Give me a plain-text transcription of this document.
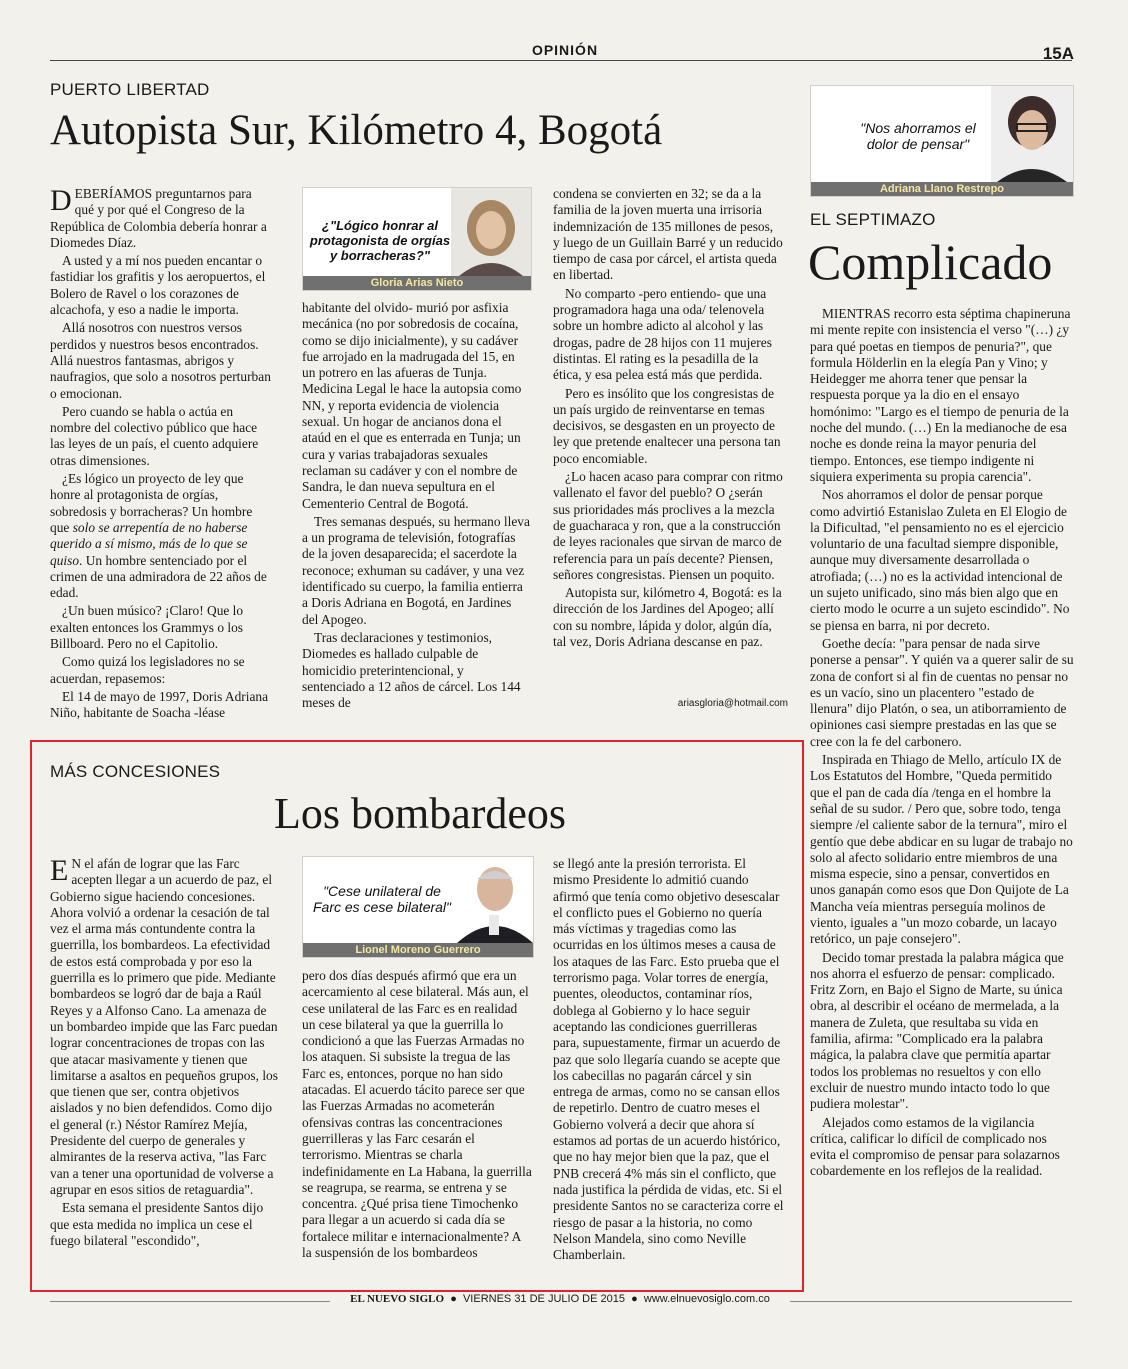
OPINIÓN	15A
PUERTO LIBERTAD
Autopista Sur, Kilómetro 4, Bogotá
¿"Lógico honrar al protagonista de orgías y borracheras?"
Gloria Arias Nieto

DEBERÍAMOS preguntarnos para qué y por qué el Congreso de la República de Colombia debería honrar a Diomedes Díaz.

A usted y a mí nos pueden encantar o fastidiar los grafitis y los aeropuertos, el Bolero de Ravel o los corazones de alcachofa, y eso a nadie le importa.

Allá nosotros con nuestros versos perdidos y nuestros besos encontrados. Allá nuestros fantasmas, abrigos y naufragios, que solo a nosotros perturban o emocionan.

Pero cuando se habla o actúa en nombre del colectivo público que hace las leyes de un país, el cuento adquiere otras dimensiones.

¿Es lógico un proyecto de ley que honre al protagonista de orgías, sobredosis y borracheras? Un hombre que solo se arrepentía de no haberse querido a sí mismo, más de lo que se quiso. Un hombre sentenciado por el crimen de una admiradora de 22 años de edad.

¿Un buen músico? ¡Claro! Que lo exalten entonces los Grammys o los Billboard. Pero no el Capitolio.

Como quizá los legisladores no se acuerdan, repasemos:

El 14 de mayo de 1997, Doris Adriana Niño, habitante de Soacha -léase

habitante del olvido- murió por asfixia mecánica (no por sobredosis de cocaína, como se dijo inicialmente), y su cadáver fue arrojado en la madrugada del 15, en un potrero en las afueras de Tunja. Medicina Legal le hace la autopsia como NN, y reporta evidencia de violencia sexual. Un hogar de ancianos dona el ataúd en el que es enterrada en Tunja; un cura y varias trabajadoras sexuales reclaman su cadáver y con el nombre de Sandra, le dan nueva sepultura en el Cementerio Central de Bogotá.

Tres semanas después, su hermano lleva a un programa de televisión, fotografías de la joven desaparecida; el sacerdote la reconoce; exhuman su cadáver, y una vez identificado su cuerpo, la familia entierra a Doris Adriana en Bogotá, en Jardines del Apogeo.

Tras declaraciones y testimonios, Diomedes es hallado culpable de homicidio preterintencional, y sentenciado a 12 años de cárcel. Los 144 meses de

condena se convierten en 32; se da a la familia de la joven muerta una irrisoria indemnización de 135 millones de pesos, y luego de un Guillain Barré y un reducido tiempo de casa por cárcel, el artista queda en libertad.

No comparto -pero entiendo- que una programadora haga una oda/ telenovela sobre un hombre adicto al alcohol y las drogas, padre de 28 hijos con 11 mujeres distintas. El rating es la pesadilla de la ética, y esa pelea está más que perdida.

Pero es insólito que los congresistas de un país urgido de reinventarse en temas decisivos, se desgasten en un proyecto de ley que pretende enaltecer una persona tan poco encomiable.

¿Lo hacen acaso para comprar con ritmo vallenato el favor del pueblo? O ¿serán sus prioridades más proclives a la mezcla de guacharaca y ron, que a la construcción de leyes racionales que sirvan de marco de referencia para un país decente? Piensen, señores congresistas. Piensen un poquito.

Autopista sur, kilómetro 4, Bogotá: es la dirección de los Jardines del Apogeo; allí con su nombre, lápida y dolor, algún día, tal vez, Doris Adriana descanse en paz.

ariasgloria@hotmail.com
"Nos ahorramos el dolor de pensar"
Adriana Llano Restrepo
EL SEPTIMAZO
Complicado

MIENTRAS recorro esta séptima chapineruna mi mente repite con insistencia el verso "(…) ¿y para qué poetas en tiempos de penuria?", que formula Hölderlin en la elegía Pan y Vino; y Heidegger me ahorra tener que pensar la respuesta porque ya la dio en el ensayo homónimo: "Largo es el tiempo de penuria de la noche del mundo. (…) En la medianoche de esa noche es donde reina la mayor penuria del tiempo. Entonces, ese tiempo indigente ni siquiera experimenta su propia carencia".

Nos ahorramos el dolor de pensar porque como advirtió Estanislao Zuleta en El Elogio de la Dificultad, "el pensamiento no es el ejercicio voluntario de una facultad siempre disponible, aunque muy diversamente desarrollada o atrofiada; (…) no es la actividad intencional de un sujeto unificado, sino más bien algo que en cierto modo le ocurre a un sujeto escindido". No se piensa en barra, ni por decreto.

Goethe decía: "para pensar de nada sirve ponerse a pensar". Y quién va a querer salir de su zona de confort si al fin de cuentas no pensar no es un vacío, sino un placentero "estado de llenura" dijo Platón, o sea, un atiborramiento de opiniones casi siempre prestadas en las que se cree con la fe del carbonero.

Inspirada en Thiago de Mello, artículo IX de Los Estatutos del Hombre, "Queda permitido que el pan de cada día /tenga en el hombre la señal de su sudor. / Pero que, sobre todo, tenga siempre /el caliente sabor de la ternura", miro el gentío que debe abdicar en su lugar de trabajo no solo al afecto solidario entre miembros de una misma especie, sino a pensar, convertidos en unos ganapán como esos que Don Quijote de La Mancha veía mientras perseguía molinos de viento, iguales a "un mozo cobarde, un lacayo retórico, un paje consejero".

Decido tomar prestada la palabra mágica que nos ahorra el esfuerzo de pensar: complicado. Fritz Zorn, en Bajo el Signo de Marte, su única obra, al describir el océano de mermelada, a la manera de Zuleta, que resultaba su vida en familia, afirma: "Complicado era la palabra mágica, la palabra clave que permitía apartar todos los problemas no resueltos y con ello excluir de nuestro mundo intacto todo lo que pudiera molestar".

Alejados como estamos de la vigilancia crítica, calificar lo difícil de complicado nos evita el compromiso de pensar para solazarnos cobardemente en los reflejos de la realidad.

MÁS CONCESIONES
Los bombardeos
"Cese unilateral de Farc es cese bilateral"
Lionel Moreno Guerrero

E N el afán de lograr que las Farc acepten llegar a un acuerdo de paz, el Gobierno sigue haciendo concesiones. Ahora volvió a ordenar la cesación de tal vez el arma más contundente contra la guerrilla, los bombardeos. La efectividad de estos está comprobada y por eso la guerrilla es lo primero que pide. Mediante bombardeos se logró dar de baja a Raúl Reyes y a Alfonso Cano. La amenaza de un bombardeo impide que las Farc puedan lograr concentraciones de tropas con las que atacar masivamente y tienen que limitarse a asaltos en pequeños grupos, los que tienen que ser, contra objetivos aislados y no bien defendidos. Como dijo el general (r.) Néstor Ramírez Mejía, Presidente del cuerpo de generales y almirantes de la reserva activa, "las Farc van a tener una oportunidad de volverse a agrupar en esos sitios de retaguardia".

Esta semana el presidente Santos dijo que esta medida no implica un cese el fuego bilateral "escondido",

pero dos días después afirmó que era un acercamiento al cese bilateral. Más aun, el cese unilateral de las Farc es en realidad un cese bilateral ya que la guerrilla lo condicionó a que las Fuerzas Armadas no los ataquen. Si subsiste la tregua de las Farc es, entonces, porque no han sido atacadas. El acuerdo tácito parece ser que las Fuerzas Armadas no acometerán ofensivas contras las concentraciones guerrilleras y las Farc cesarán el terrorismo. Mientras se charla indefinidamente en La Habana, la guerrilla se reagrupa, se rearma, se entrena y se concentra. ¿Qué prisa tiene Timochenko para llegar a un acuerdo si cada día se fortalece militar e internacionalmente? A la suspensión de los bombardeos

se llegó ante la presión terrorista. El mismo Presidente lo admitió cuando afirmó que tenía como objetivo desescalar el conflicto pues el Gobierno no quería más víctimas y tragedias como las ocurridas en los últimos meses a causa de los ataques de las Farc. Esto prueba que el terrorismo paga. Volar torres de energía, puentes, oleoductos, contaminar ríos, doblega al Gobierno y lo hace seguir aceptando las condiciones guerrilleras para, supuestamente, firmar un acuerdo de paz que solo llegaría cuando se acepte que los cabecillas no pagarán cárcel y sin entrega de armas, como no se cansan ellos de repetirlo. Dentro de cuatro meses el Gobierno volverá a decir que ahora sí estamos ad portas de un acuerdo histórico, que no hay mejor bien que la paz, que el PNB crecerá 4% más sin el conflicto, que nada justifica la pérdida de vidas, etc. Si el presidente Santos no se caracteriza corre el riesgo de pasar a la historia, no como Nelson Mandela, sino como Neville Chamberlain.

EL NUEVO SIGLO  ●  VIERNES 31 DE JULIO DE 2015  ●  www.elnuevosiglo.com.co
